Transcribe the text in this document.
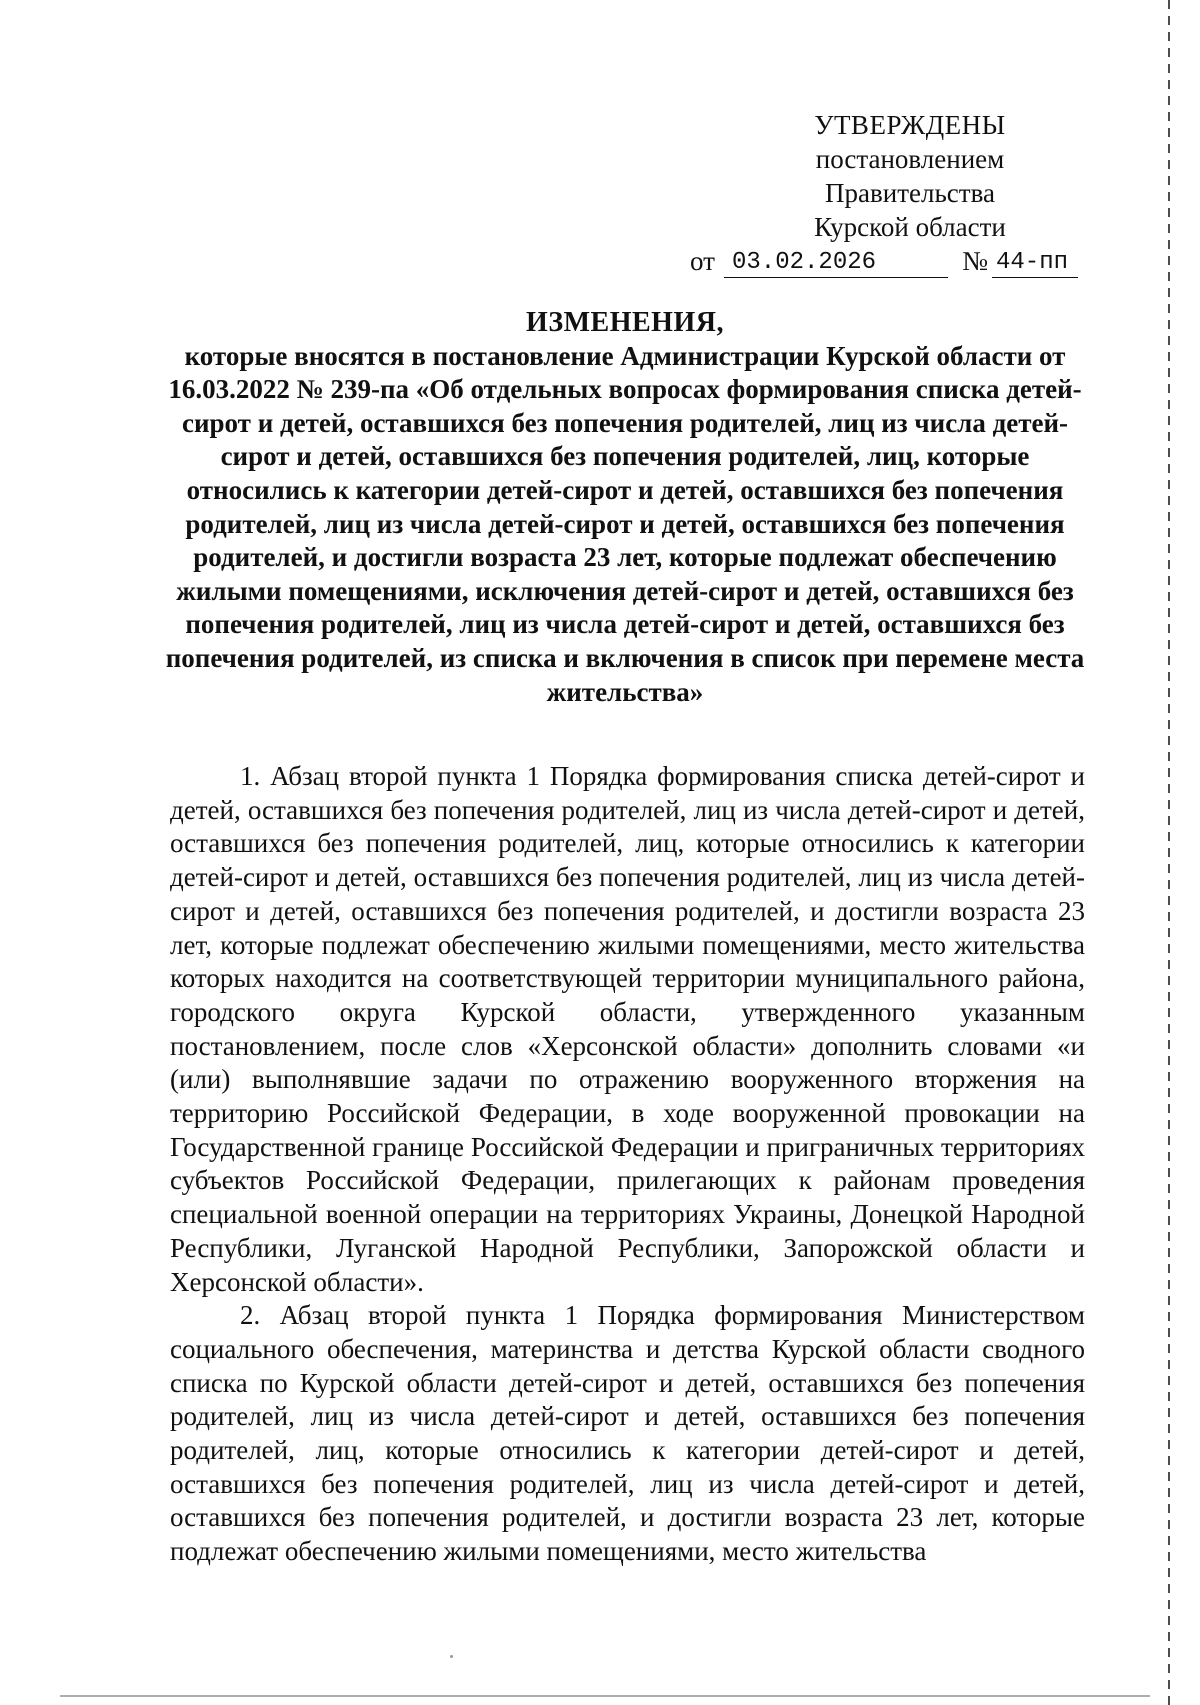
УТВЕРЖДЕНЫ
постановлением Правительства
Курской области
от 03.02.2026	№ 44-пп
ИЗМЕНЕНИЯ,
которые вносятся в постановление Администрации Курской области от 16.03.2022 № 239-па «Об отдельных вопросах формирования списка детей-сирот и детей, оставшихся без попечения родителей, лиц из числа детей-сирот и детей, оставшихся без попечения родителей, лиц, которые относились к категории детей-сирот и детей, оставшихся без попечения родителей, лиц из числа детей-сирот и детей, оставшихся без попечения родителей, и достигли возраста 23 лет, которые подлежат обеспечению жилыми помещениями, исключения детей-сирот и детей, оставшихся без попечения родителей, лиц из числа детей-сирот и детей, оставшихся без попечения родителей, из списка и включения в список при перемене места жительства»

1. Абзац второй пункта 1 Порядка формирования списка детей-сирот и детей, оставшихся без попечения родителей, лиц из числа детей-сирот и детей, оставшихся без попечения родителей, лиц, которые относились к категории детей-сирот и детей, оставшихся без попечения родителей, лиц из числа детей-сирот и детей, оставшихся без попечения родителей, и достигли возраста 23 лет, которые подлежат обеспечению жилыми помещениями, место жительства которых находится на соответствующей территории муниципального района, городского округа Курской области, утвержденного указанным постановлением, после слов «Херсонской области» дополнить словами «и (или) выполнявшие задачи по отражению вооруженного вторжения на территорию Российской Федерации, в ходе вооруженной провокации на Государственной границе Российской Федерации и приграничных территориях субъектов Российской Федерации, прилегающих к районам проведения специальной военной операции на территориях Украины, Донецкой Народной Республики, Луганской Народной Республики, Запорожской области и Херсонской области».

2. Абзац второй пункта 1 Порядка формирования Министерством социального обеспечения, материнства и детства Курской области сводного списка по Курской области детей-сирот и детей, оставшихся без попечения родителей, лиц из числа детей-сирот и детей, оставшихся без попечения родителей, лиц, которые относились к категории детей-сирот и детей, оставшихся без попечения родителей, лиц из числа детей-сирот и детей, оставшихся без попечения родителей, и достигли возраста 23 лет, которые подлежат обеспечению жилыми помещениями, место жительства
